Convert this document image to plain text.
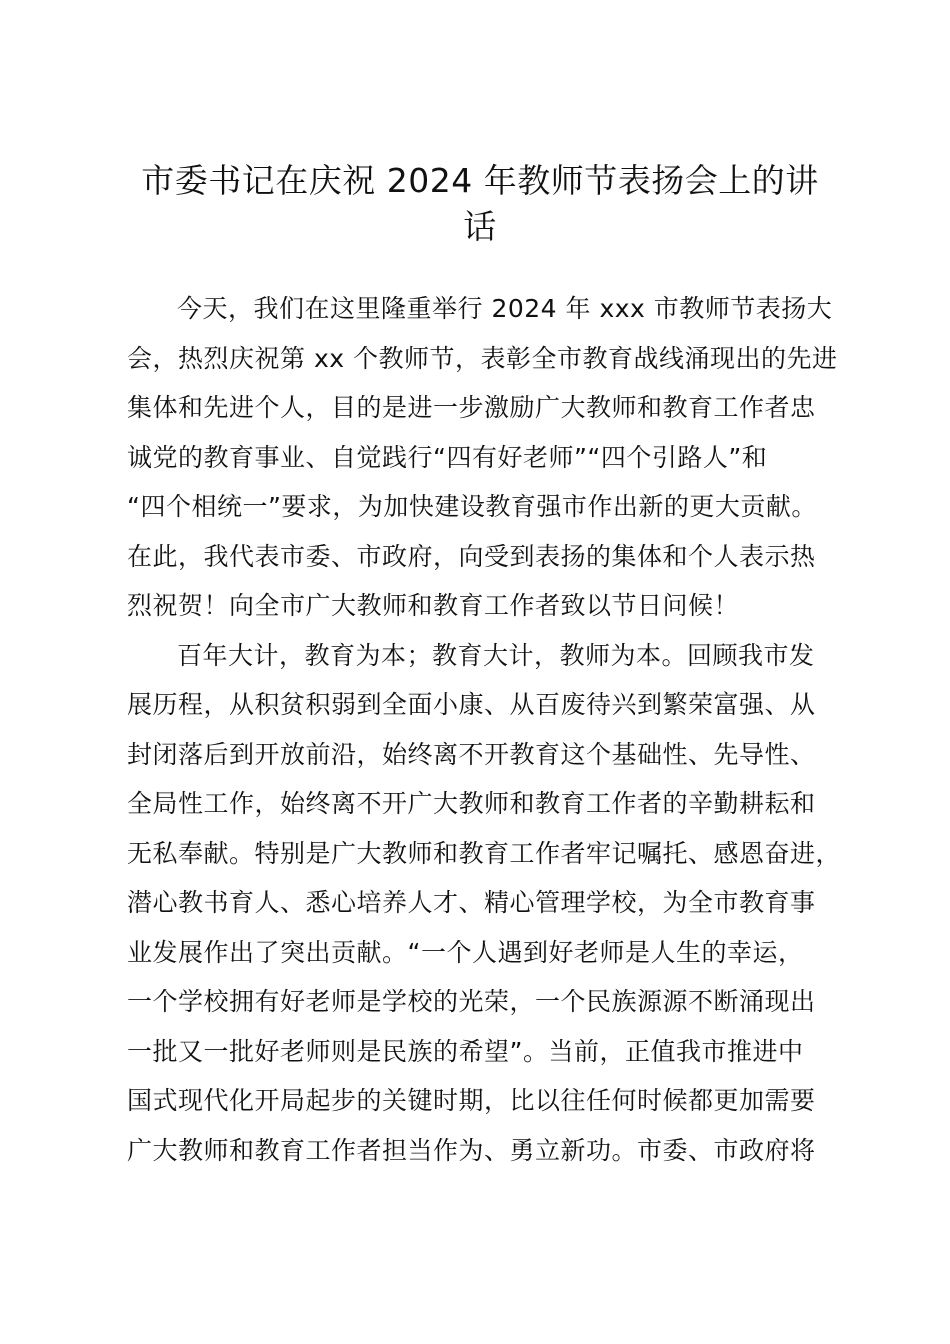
市委书记在庆祝 2024 年教师节表扬会上的讲
话
今天，我们在这里隆重举行 2024 年 xxx 市教师节表扬大
会，热烈庆祝第 xx 个教师节，表彰全市教育战线涌现出的先进
集体和先进个人，目的是进一步激励广大教师和教育工作者忠
诚党的教育事业、自觉践行“四有好老师”“四个引路人”和
“四个相统一”要求，为加快建设教育强市作出新的更大贡献。
在此，我代表市委、市政府，向受到表扬的集体和个人表示热
烈祝贺！向全市广大教师和教育工作者致以节日问候！
百年大计，教育为本；教育大计，教师为本。回顾我市发
展历程，从积贫积弱到全面小康、从百废待兴到繁荣富强、从
封闭落后到开放前沿，始终离不开教育这个基础性、先导性、
全局性工作，始终离不开广大教师和教育工作者的辛勤耕耘和
无私奉献。特别是广大教师和教育工作者牢记嘱托、感恩奋进，
潜心教书育人、悉心培养人才、精心管理学校，为全市教育事
业发展作出了突出贡献。“一个人遇到好老师是人生的幸运，
一个学校拥有好老师是学校的光荣，一个民族源源不断涌现出
一批又一批好老师则是民族的希望”。当前，正值我市推进中
国式现代化开局起步的关键时期，比以往任何时候都更加需要
广大教师和教育工作者担当作为、勇立新功。市委、市政府将
